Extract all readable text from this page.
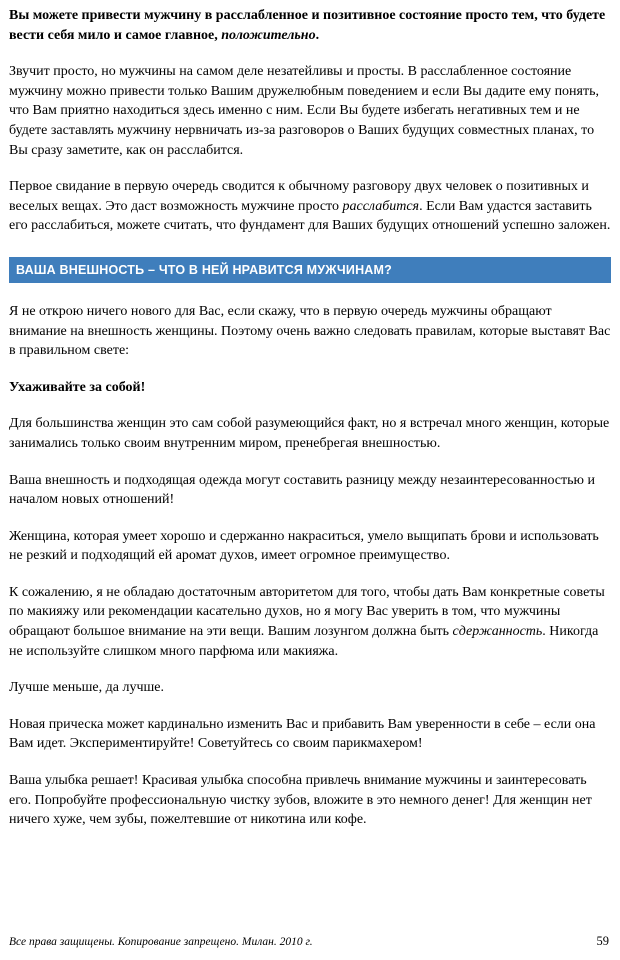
Вы можете привести мужчину в расслабленное и позитивное состояние просто тем, что будете вести себя мило и самое главное, положительно.

Звучит просто, но мужчины на самом деле незатейливы и просты. В расслабленное состояние мужчину можно привести только Вашим дружелюбным поведением и если Вы дадите ему понять, что Вам приятно находиться здесь именно с ним. Если Вы будете избегать негативных тем и не будете заставлять мужчину нервничать из-за разговоров о Ваших будущих совместных планах, то Вы сразу заметите, как он расслабится.

Первое свидание в первую очередь сводится к обычному разговору двух человек о позитивных и веселых вещах. Это даст возможность мужчине просто расслабится. Если Вам удастся заставить его расслабиться, можете считать, что фундамент для Ваших будущих отношений успешно заложен.

ВАША ВНЕШНОСТЬ – ЧТО В НЕЙ НРАВИТСЯ МУЖЧИНАМ?

Я не открою ничего нового для Вас, если скажу, что в первую очередь мужчины обращают внимание на внешность женщины. Поэтому очень важно следовать правилам, которые выставят Вас в правильном свете:

Ухаживайте за собой!

Для большинства женщин это сам собой разумеющийся факт, но я встречал много женщин, которые занимались только своим внутренним миром, пренебрегая внешностью.

Ваша внешность и подходящая одежда могут составить разницу между незаинтересованностью и началом новых отношений!

Женщина, которая умеет хорошо и сдержанно накраситься, умело выщипать брови и использовать не резкий и подходящий ей аромат духов, имеет огромное преимущество.

К сожалению, я не обладаю достаточным авторитетом для того, чтобы дать Вам конкретные советы по макияжу или рекомендации касательно духов, но я могу Вас уверить в том, что мужчины обращают большое внимание на эти вещи. Вашим лозунгом должна быть сдержанность. Никогда не используйте слишком много парфюма или макияжа.

Лучше меньше, да лучше.

Новая прическа может кардинально изменить Вас и прибавить Вам уверенности в себе – если она Вам идет. Экспериментируйте! Советуйтесь со своим парикмахером!

Ваша улыбка решает! Красивая улыбка способна привлечь внимание мужчины и заинтересовать его. Попробуйте профессиональную чистку зубов, вложите в это немного денег! Для женщин нет ничего хуже, чем зубы, пожелтевшие от никотина или кофе.

Все права защищены. Копирование запрещено. Милан. 2010 г.	59
